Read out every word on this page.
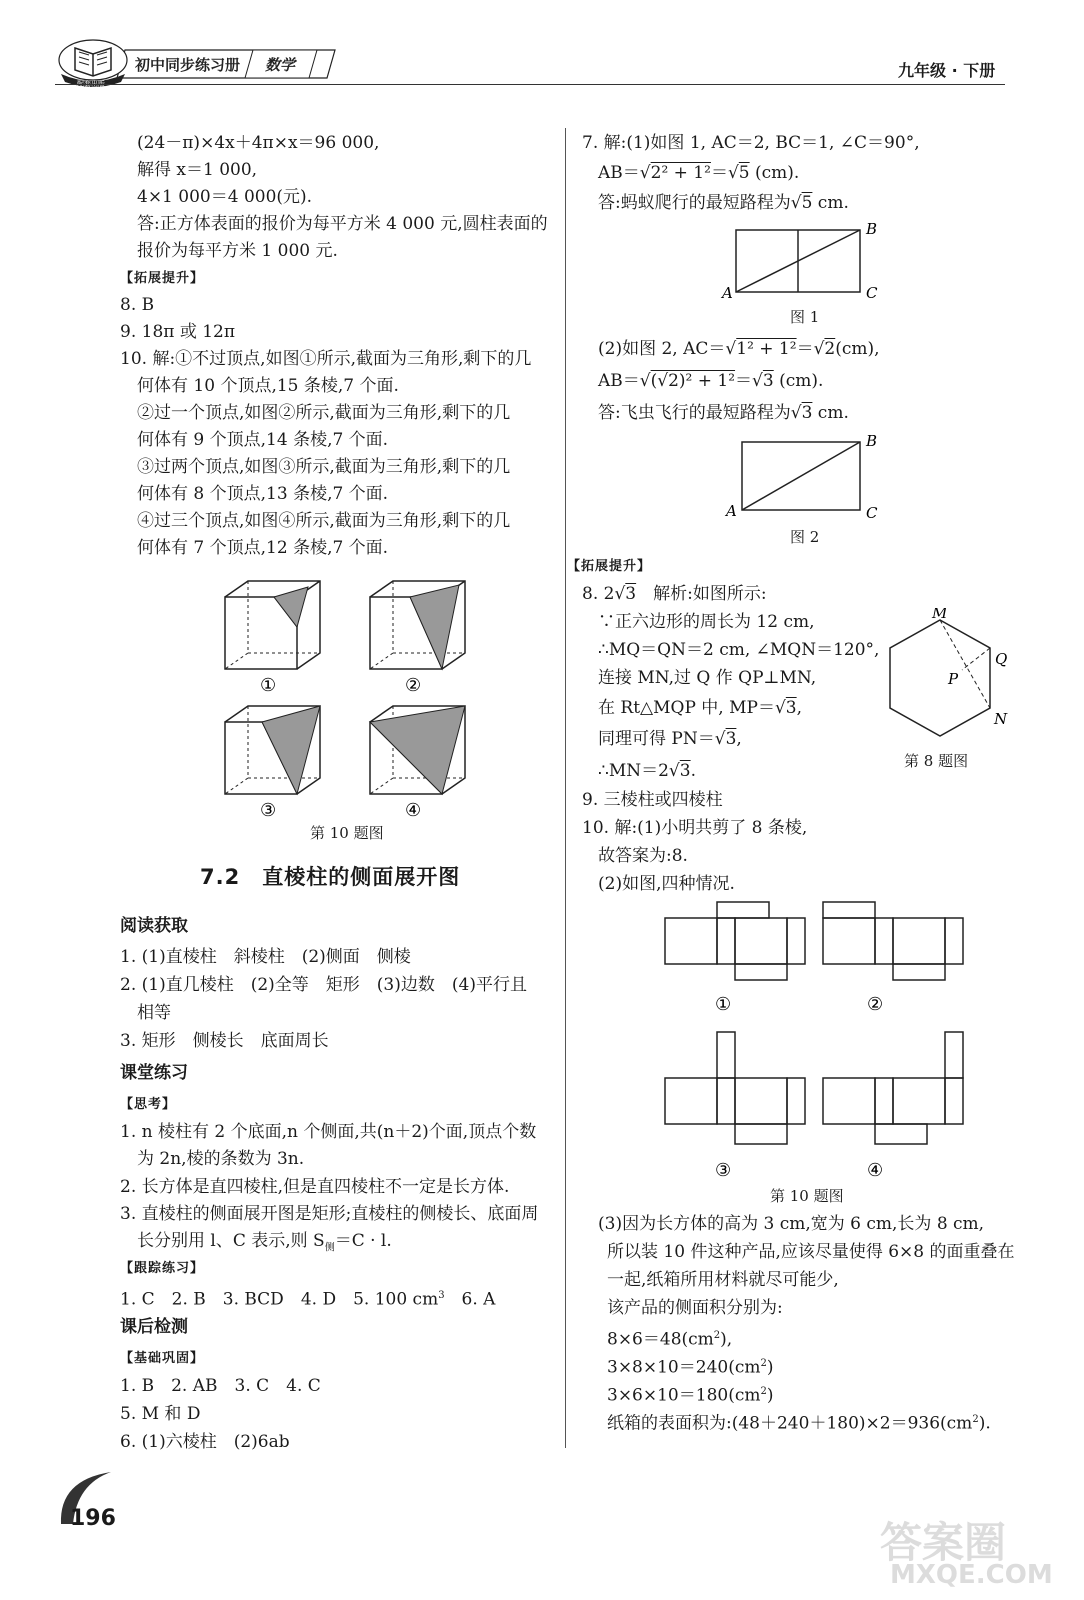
配套出版
初中同步练习册 数学	九年级 · 下册
(24－π)×4x＋4π×x＝96 000,
解得 x＝1 000,
4×1 000＝4 000(元).
答:正方体表面的报价为每平方米 4 000 元,圆柱表面的
报价为每平方米 1 000 元.
【拓展提升】
8. B
9. 18π 或 12π
10. 解:①不过顶点,如图①所示,截面为三角形,剩下的几
何体有 10 个顶点,15 条棱,7 个面.
②过一个顶点,如图②所示,截面为三角形,剩下的几
何体有 9 个顶点,14 条棱,7 个面.
③过两个顶点,如图③所示,截面为三角形,剩下的几
何体有 8 个顶点,13 条棱,7 个面.
④过三个顶点,如图④所示,截面为三角形,剩下的几
何体有 7 个顶点,12 条棱,7 个面.
①	②
③	④
第 10 题图
7.2　直棱柱的侧面展开图
阅读获取
1. (1)直棱柱　斜棱柱　(2)侧面　侧棱
2. (1)直几棱柱　(2)全等　矩形　(3)边数　(4)平行且
相等
3. 矩形　侧棱长　底面周长
课堂练习
【思考】
1. n 棱柱有 2 个底面,n 个侧面,共(n＋2)个面,顶点个数
为 2n,棱的条数为 3n.
2. 长方体是直四棱柱,但是直四棱柱不一定是长方体.
3. 直棱柱的侧面展开图是矩形;直棱柱的侧棱长、底面周
长分别用 l、C 表示,则 $S_侧=C \cdot l$.
【跟踪练习】
1. C　2. B　3. BCD　4. D　5. 100 $cm^3$　6. A
课后检测
【基础巩固】
1. B　2. AB　3. C　4. C
5. M 和 D
6. (1)六棱柱　(2)6ab
7. 解:(1)如图 1, AC＝2, BC＝1, ∠C＝90°,
AB＝√2² + 1²＝√5 (cm).
答:蚂蚁爬行的最短路程为√5 cm.
A
B
C
图 1
(2)如图 2, AC＝√1² + 1²＝√2(cm),
AB＝√(√2)² + 1²＝√3 (cm).
答:飞虫飞行的最短路程为√3 cm.
A
B
C
图 2
【拓展提升】
8. 2√3　解析:如图所示:
∵正六边形的周长为 12 cm,
∴MQ＝QN＝2 cm, ∠MQN＝120°,
连接 MN,过 Q 作 QP⊥MN,
在 Rt△MQP 中, MP＝√3,
同理可得 PN＝√3,
∴MN＝2√3.
M
Q
P
N
第 8 题图
9. 三棱柱或四棱柱
10. 解:(1)小明共剪了 8 条棱,
故答案为:8.
(2)如图,四种情况.
①	②
③	④
第 10 题图
(3)因为长方体的高为 3 cm,宽为 6 cm,长为 8 cm,
所以装 10 件这种产品,应该尽量使得 6×8 的面重叠在
一起,纸箱所用材料就尽可能少,
该产品的侧面积分别为:
$8\times 6=48(cm^2)$,
$3\times 8\times 10=240(cm^2)$
$3\times 6\times 10=180(cm^2)$
纸箱的表面积为$:(48+240+180)\times 2=936(cm^2)$.
196	答案圈
MXQE.COM
